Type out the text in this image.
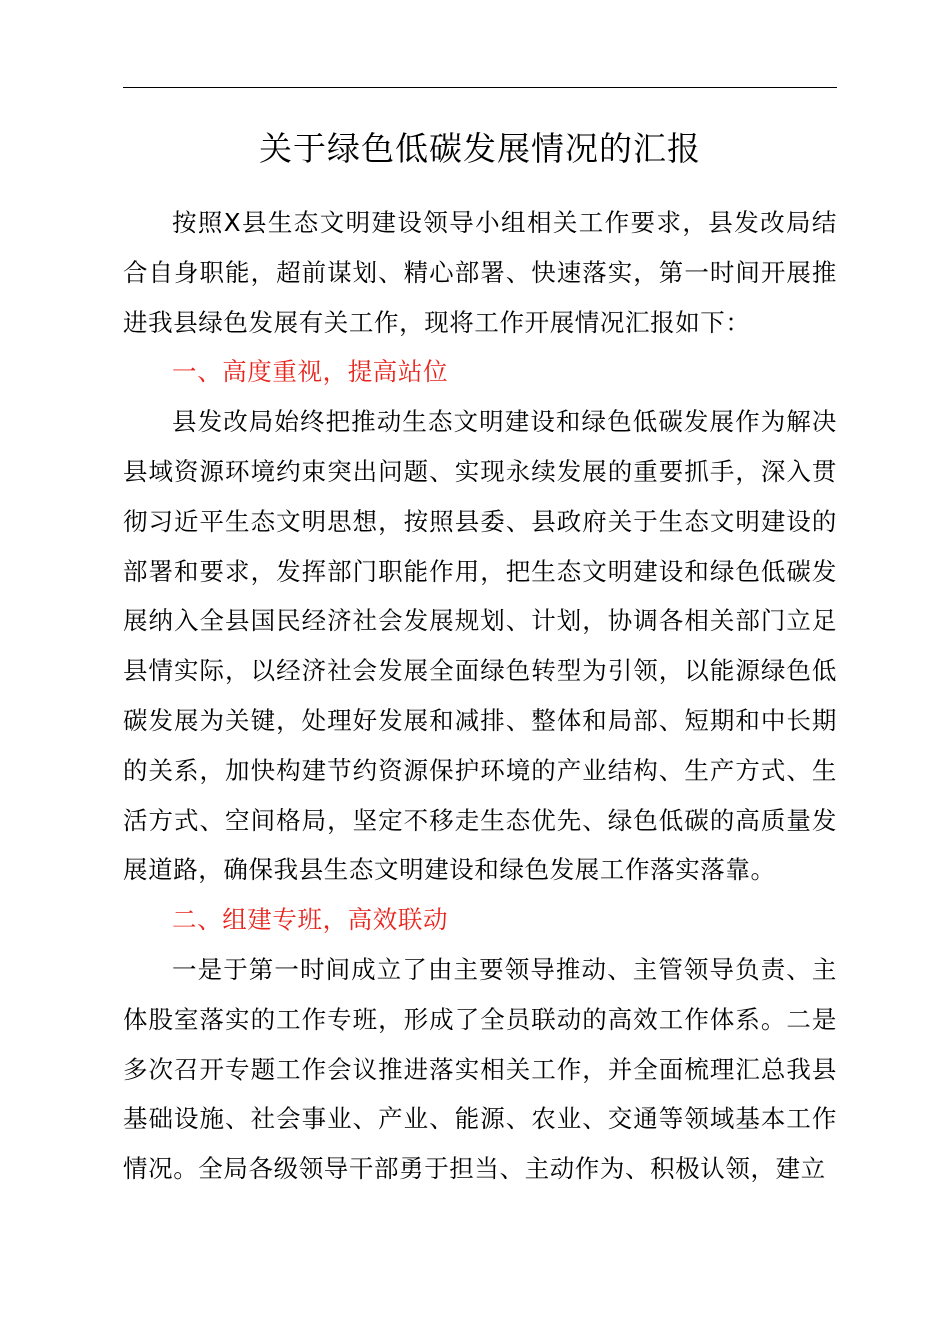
关于绿色低碳发展情况的汇报

按照X县生态文明建设领导小组相关工作要求，县发改局结合自身职能，超前谋划、精心部署、快速落实，第一时间开展推进我县绿色发展有关工作，现将工作开展情况汇报如下：

一、高度重视，提高站位

县发改局始终把推动生态文明建设和绿色低碳发展作为解决县域资源环境约束突出问题、实现永续发展的重要抓手，深入贯彻习近平生态文明思想，按照县委、县政府关于生态文明建设的部署和要求，发挥部门职能作用，把生态文明建设和绿色低碳发展纳入全县国民经济社会发展规划、计划，协调各相关部门立足县情实际，以经济社会发展全面绿色转型为引领，以能源绿色低碳发展为关键，处理好发展和减排、整体和局部、短期和中长期的关系，加快构建节约资源保护环境的产业结构、生产方式、生活方式、空间格局，坚定不移走生态优先、绿色低碳的高质量发展道路，确保我县生态文明建设和绿色发展工作落实落靠。

二、组建专班，高效联动

一是于第一时间成立了由主要领导推动、主管领导负责、主体股室落实的工作专班，形成了全员联动的高效工作体系。二是多次召开专题工作会议推进落实相关工作，并全面梳理汇总我县基础设施、社会事业、产业、能源、农业、交通等领域基本工作情况。全局各级领导干部勇于担当、主动作为、积极认领，建立
